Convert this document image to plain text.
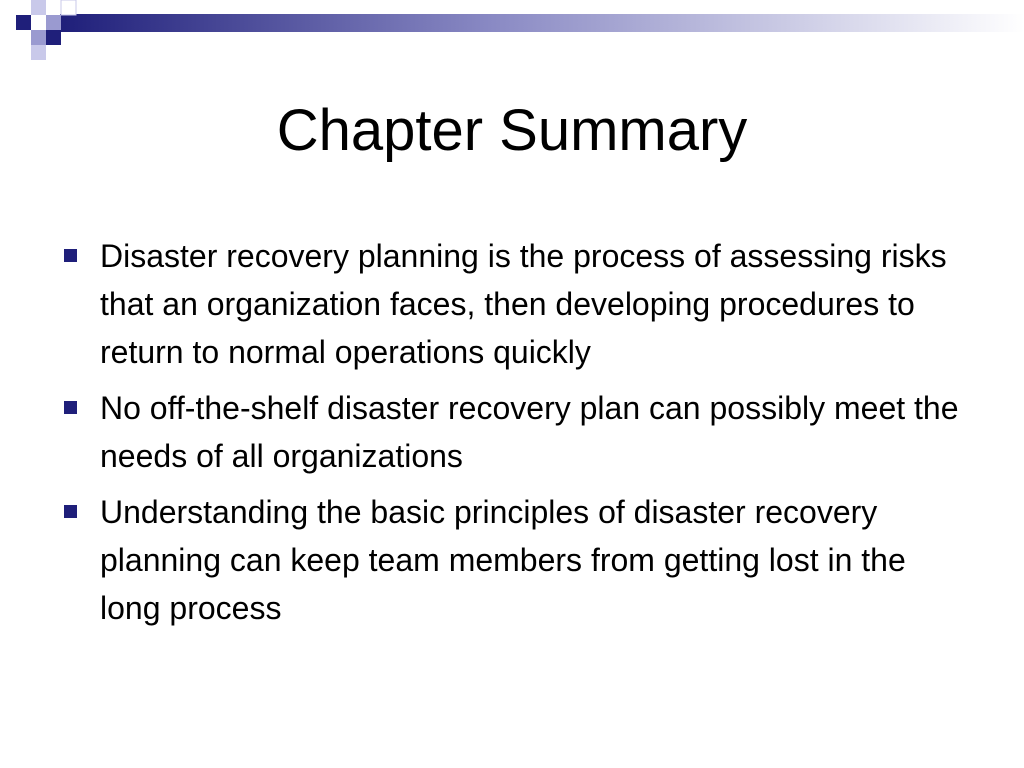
Chapter Summary
Disaster recovery planning is the process of assessing risks that an organization faces, then developing procedures to return to normal operations quickly
No off-the-shelf disaster recovery plan can possibly meet the needs of all organizations
Understanding the basic principles of disaster recovery planning can keep team members from getting lost in the long process
